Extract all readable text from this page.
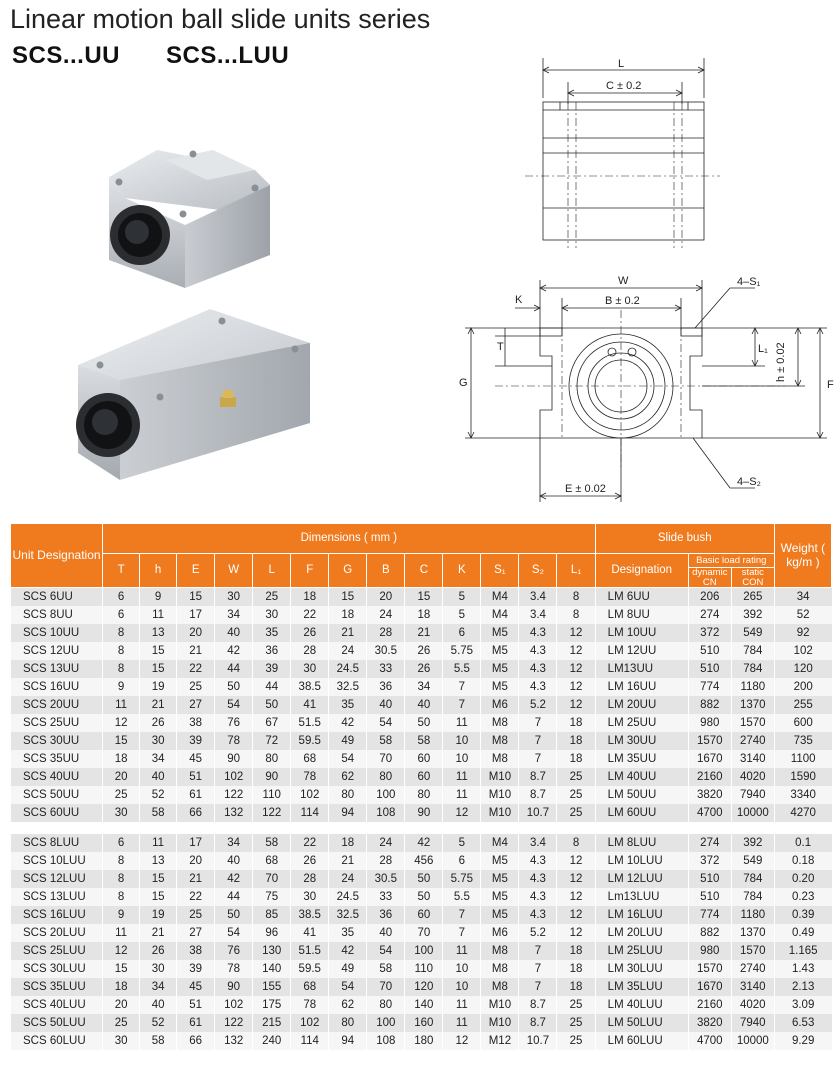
Linear motion ball slide units series
SCS...UU SCS...LUU	L
C ± 0.2
W
K	B ± 0.2
4–S₁
T
G
L₁ h ± 0.02
F
E ± 0.02
4–S₂
Unit Designation	Dimensions ( mm )													Slide bush			Weight ( kg/m )
	T	h	E	W	L	F	G	B	C	K	S₁	S₂	L₁	Designation	Basic load rating		
															dynamic CN	static CON	
SCS 6UU	6	9	15	30	25	18	15	20	15	5	M4	3.4	8	LM 6UU	206	265	34
SCS 8UU	6	11	17	34	30	22	18	24	18	5	M4	3.4	8	LM 8UU	274	392	52
SCS 10UU	8	13	20	40	35	26	21	28	21	6	M5	4.3	12	LM 10UU	372	549	92
SCS 12UU	8	15	21	42	36	28	24	30.5	26	5.75	M5	4.3	12	LM 12UU	510	784	102
SCS 13UU	8	15	22	44	39	30	24.5	33	26	5.5	M5	4.3	12	LM13UU	510	784	120
SCS 16UU	9	19	25	50	44	38.5	32.5	36	34	7	M5	4.3	12	LM 16UU	774	1180	200
SCS 20UU	11	21	27	54	50	41	35	40	40	7	M6	5.2	12	LM 20UU	882	1370	255
SCS 25UU	12	26	38	76	67	51.5	42	54	50	11	M8	7	18	LM 25UU	980	1570	600
SCS 30UU	15	30	39	78	72	59.5	49	58	58	10	M8	7	18	LM 30UU	1570	2740	735
SCS 35UU	18	34	45	90	80	68	54	70	60	10	M8	7	18	LM 35UU	1670	3140	1100
SCS 40UU	20	40	51	102	90	78	62	80	60	11	M10	8.7	25	LM 40UU	2160	4020	1590
SCS 50UU	25	52	61	122	110	102	80	100	80	11	M10	8.7	25	LM 50UU	3820	7940	3340
SCS 60UU	30	58	66	132	122	114	94	108	90	12	M10	10.7	25	LM 60UU	4700	10000	4270

SCS 8LUU	6	11	17	34	58	22	18	24	42	5	M4	3.4	8	LM 8LUU	274	392	0.1
SCS 10LUU	8	13	20	40	68	26	21	28	456	6	M5	4.3	12	LM 10LUU	372	549	0.18
SCS 12LUU	8	15	21	42	70	28	24	30.5	50	5.75	M5	4.3	12	LM 12LUU	510	784	0.20
SCS 13LUU	8	15	22	44	75	30	24.5	33	50	5.5	M5	4.3	12	Lm13LUU	510	784	0.23
SCS 16LUU	9	19	25	50	85	38.5	32.5	36	60	7	M5	4.3	12	LM 16LUU	774	1180	0.39
SCS 20LUU	11	21	27	54	96	41	35	40	70	7	M6	5.2	12	LM 20LUU	882	1370	0.49
SCS 25LUU	12	26	38	76	130	51.5	42	54	100	11	M8	7	18	LM 25LUU	980	1570	1.165
SCS 30LUU	15	30	39	78	140	59.5	49	58	110	10	M8	7	18	LM 30LUU	1570	2740	1.43
SCS 35LUU	18	34	45	90	155	68	54	70	120	10	M8	7	18	LM 35LUU	1670	3140	2.13
SCS 40LUU	20	40	51	102	175	78	62	80	140	11	M10	8.7	25	LM 40LUU	2160	4020	3.09
SCS 50LUU	25	52	61	122	215	102	80	100	160	11	M10	8.7	25	LM 50LUU	3820	7940	6.53
SCS 60LUU	30	58	66	132	240	114	94	108	180	12	M12	10.7	25	LM 60LUU	4700	10000	9.29
